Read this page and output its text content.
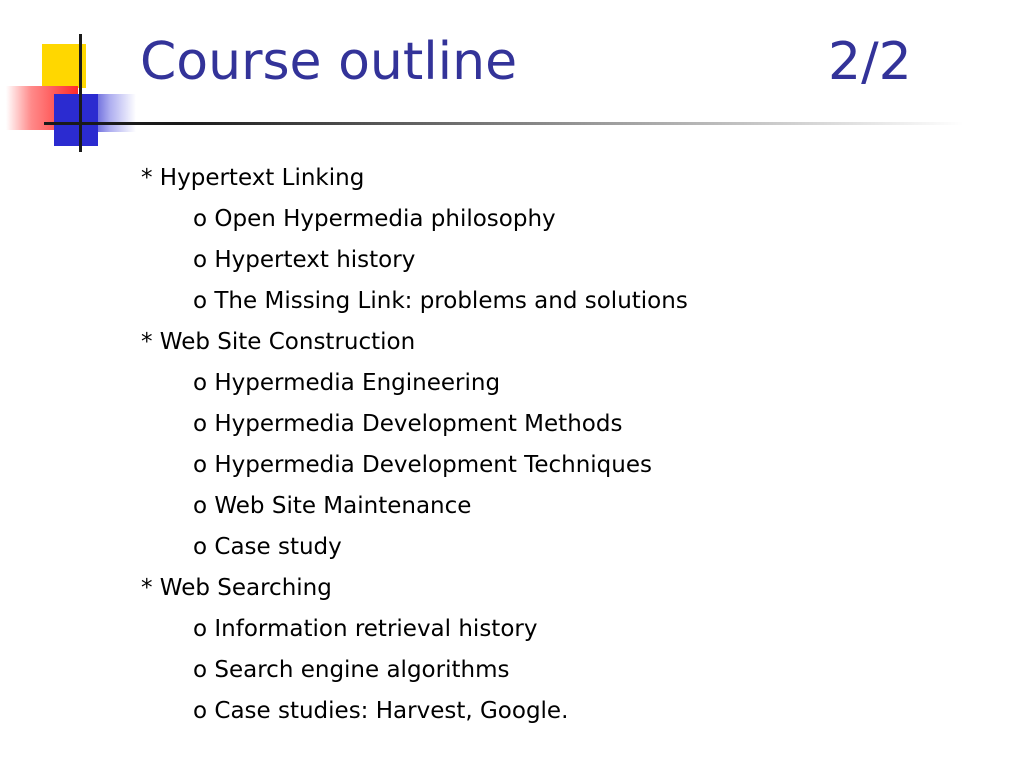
Course outline	2/2
* Hypertext Linking
o Open Hypermedia philosophy
o Hypertext history
o The Missing Link: problems and solutions
* Web Site Construction
o Hypermedia Engineering
o Hypermedia Development Methods
o Hypermedia Development Techniques
o Web Site Maintenance
o Case study
* Web Searching
o Information retrieval history
o Search engine algorithms
o Case studies: Harvest, Google.
